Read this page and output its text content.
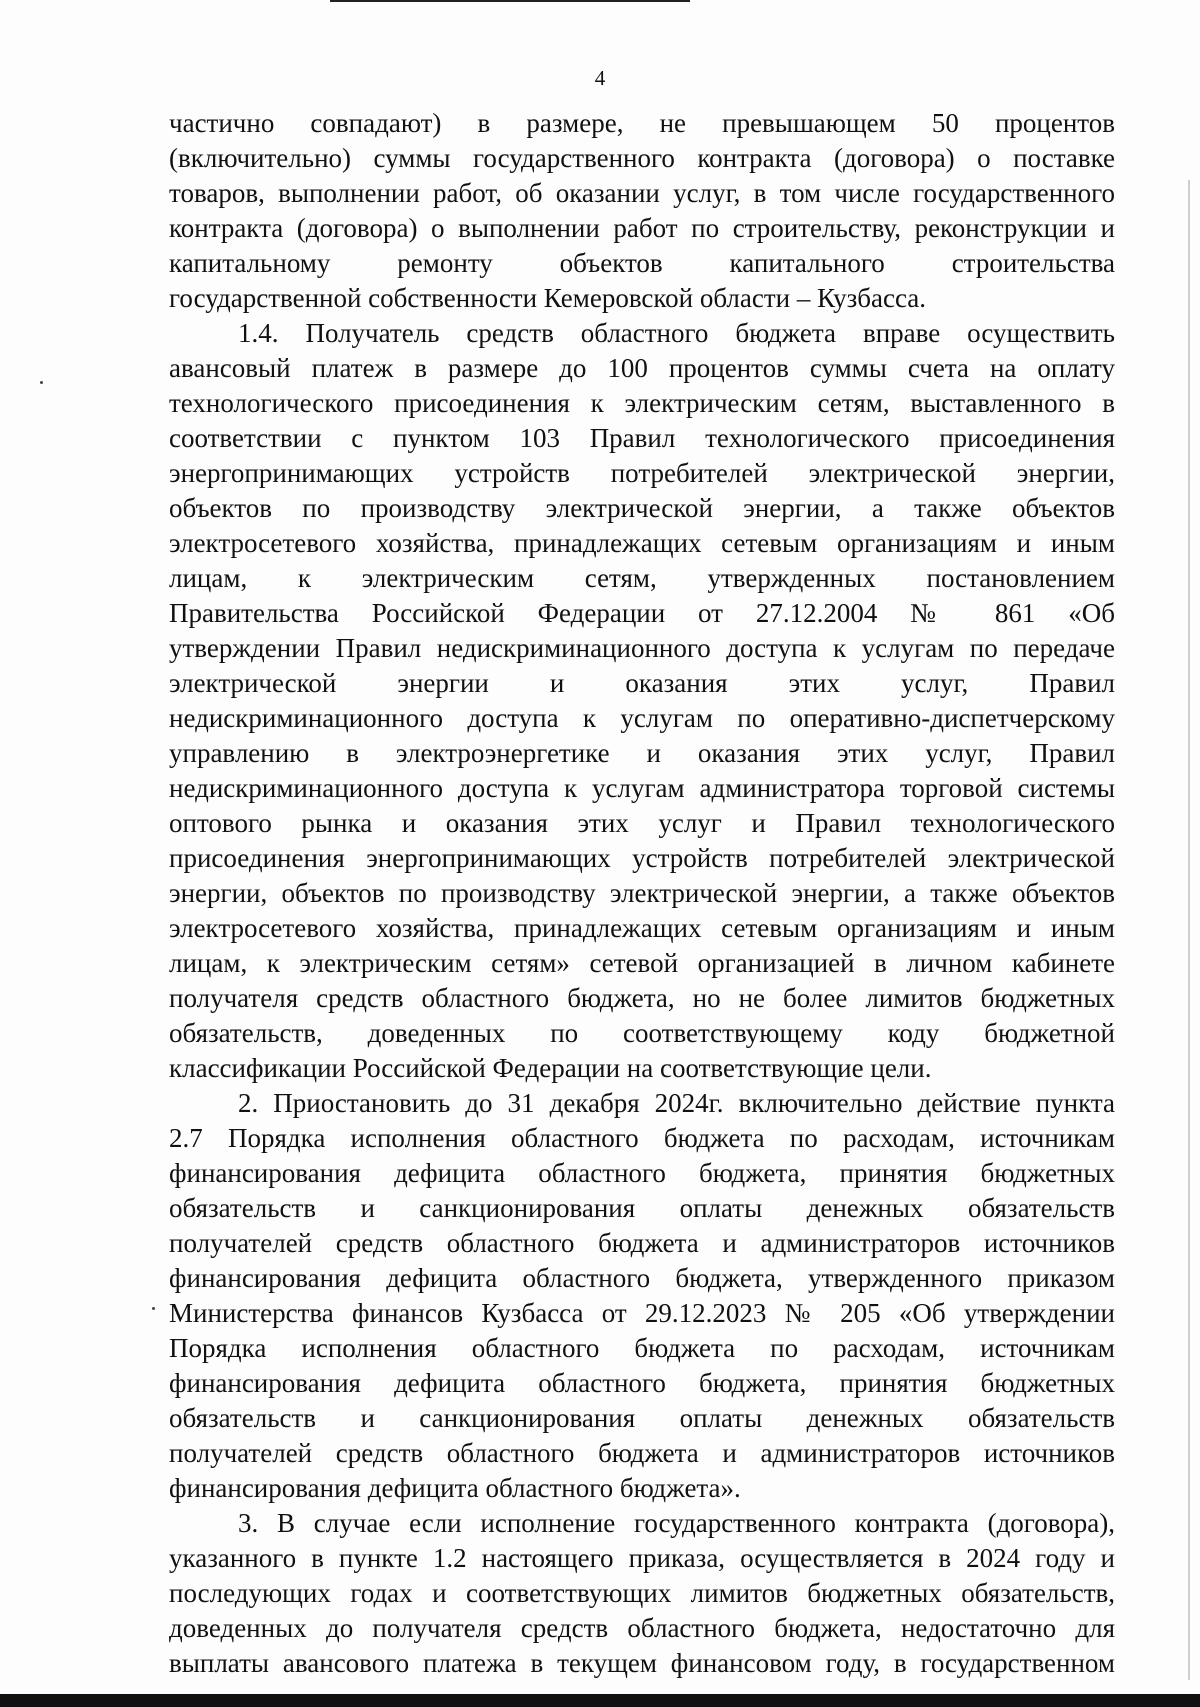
4
частично совпадают) в размере, не превышающем 50 процентов
(включительно) суммы государственного контракта (договора) о поставке
товаров, выполнении работ, об оказании услуг, в том числе государственного
контракта (договора) о выполнении работ по строительству, реконструкции и
капитальному ремонту объектов капитального строительства
государственной собственности Кемеровской области – Кузбасса.
1.4. Получатель средств областного бюджета вправе осуществить
авансовый платеж в размере до 100 процентов суммы счета на оплату
технологического присоединения к электрическим сетям, выставленного в
соответствии с пунктом 103 Правил технологического присоединения
энергопринимающих устройств потребителей электрической энергии,
объектов по производству электрической энергии, а также объектов
электросетевого хозяйства, принадлежащих сетевым организациям и иным
лицам, к электрическим сетям, утвержденных постановлением
Правительства Российской Федерации от 27.12.2004 № 861 «Об
утверждении Правил недискриминационного доступа к услугам по передаче
электрической энергии и оказания этих услуг, Правил
недискриминационного доступа к услугам по оперативно-диспетчерскому
управлению в электроэнергетике и оказания этих услуг, Правил
недискриминационного доступа к услугам администратора торговой системы
оптового рынка и оказания этих услуг и Правил технологического
присоединения энергопринимающих устройств потребителей электрической
энергии, объектов по производству электрической энергии, а также объектов
электросетевого хозяйства, принадлежащих сетевым организациям и иным
лицам, к электрическим сетям» сетевой организацией в личном кабинете
получателя средств областного бюджета, но не более лимитов бюджетных
обязательств, доведенных по соответствующему коду бюджетной
классификации Российской Федерации на соответствующие цели.
2. Приостановить до 31 декабря 2024г. включительно действие пункта
2.7 Порядка исполнения областного бюджета по расходам, источникам
финансирования дефицита областного бюджета, принятия бюджетных
обязательств и санкционирования оплаты денежных обязательств
получателей средств областного бюджета и администраторов источников
финансирования дефицита областного бюджета, утвержденного приказом
Министерства финансов Кузбасса от 29.12.2023 № 205 «Об утверждении
Порядка исполнения областного бюджета по расходам, источникам
финансирования дефицита областного бюджета, принятия бюджетных
обязательств и санкционирования оплаты денежных обязательств
получателей средств областного бюджета и администраторов источников
финансирования дефицита областного бюджета».
3. В случае если исполнение государственного контракта (договора),
указанного в пункте 1.2 настоящего приказа, осуществляется в 2024 году и
последующих годах и соответствующих лимитов бюджетных обязательств,
доведенных до получателя средств областного бюджета, недостаточно для
выплаты авансового платежа в текущем финансовом году, в государственном
